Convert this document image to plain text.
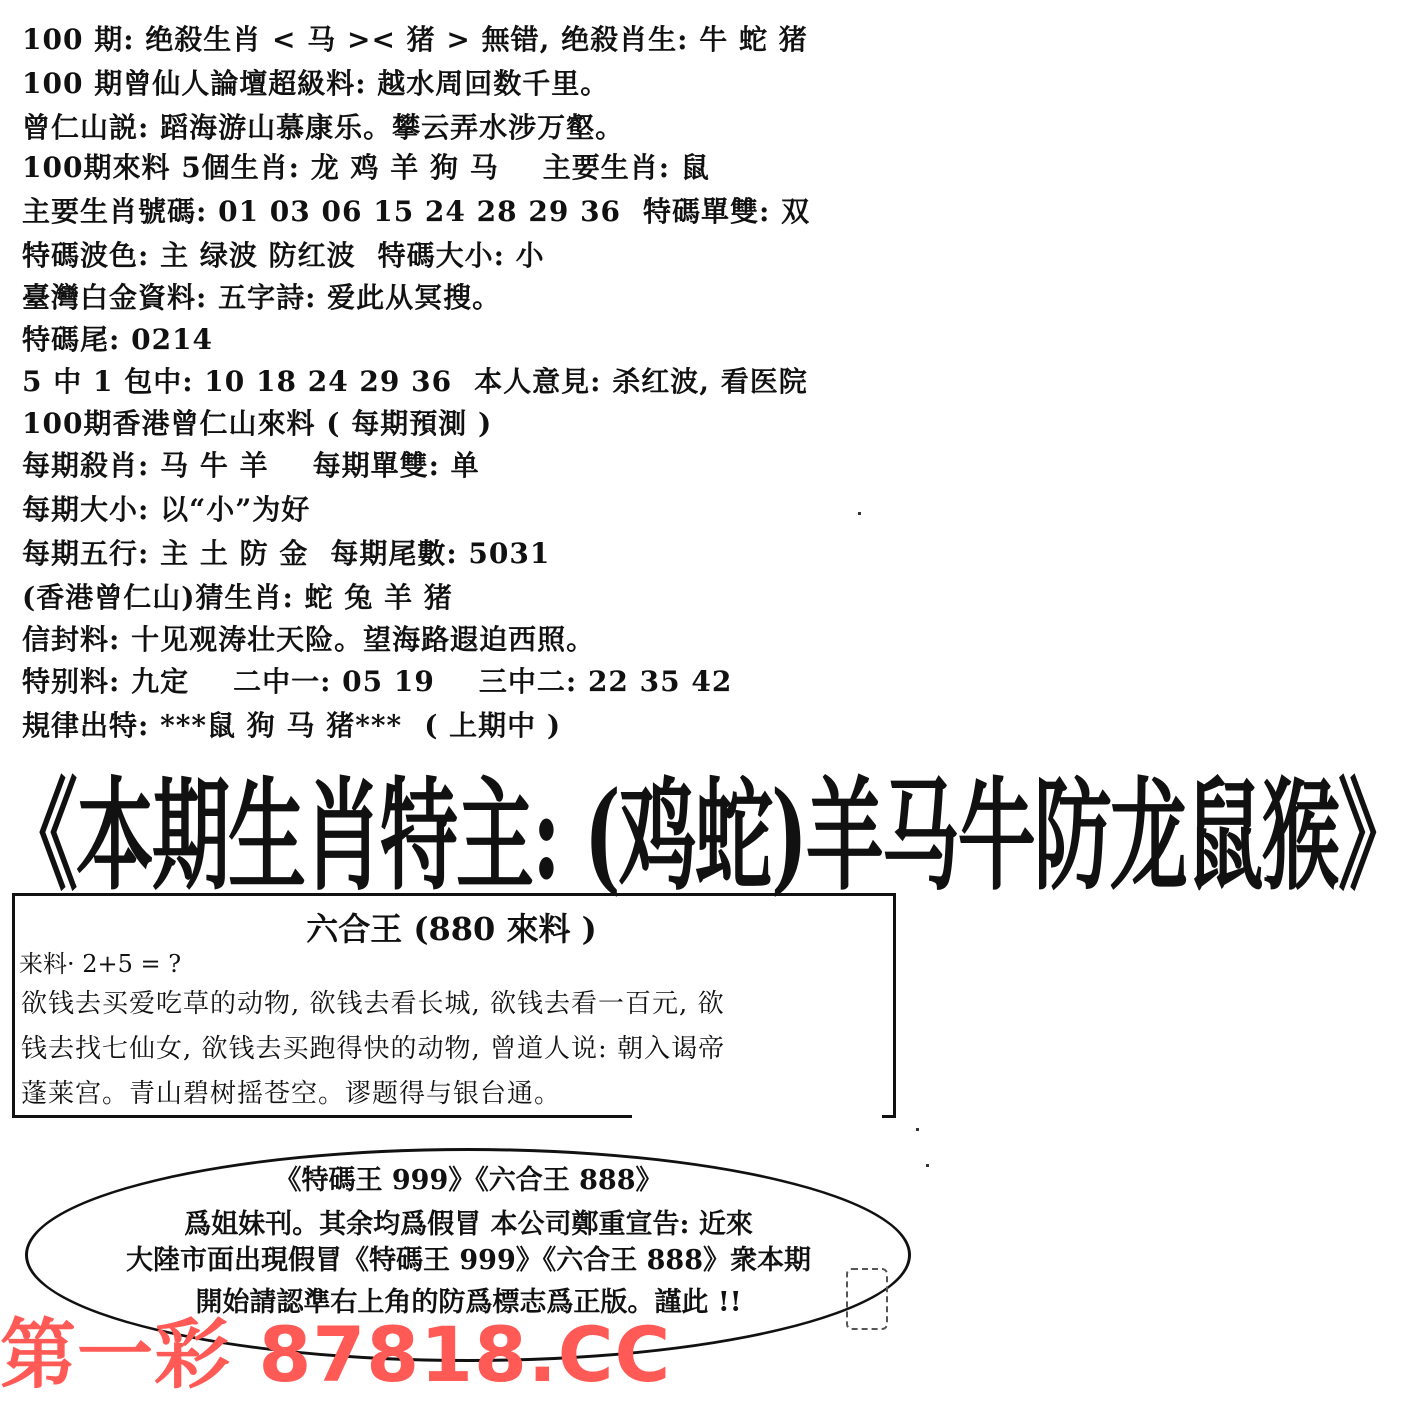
100 期: 绝殺生肖 < 马 >< 猪 > 無错, 绝殺肖生: 牛 蛇 猪
100 期曾仙人論壇超級料: 越水周回数千里。
曾仁山説: 蹈海游山慕康乐。攀云弄水涉万壑。
100期來料 5個生肖: 龙 鸡 羊 狗 马 主要生肖: 鼠
主要生肖號碼: 01 03 06 15 24 28 29 36 特碼單雙: 双
特碼波色: 主 绿波 防红波 特碼大小: 小
臺灣白金資料: 五字詩: 爱此从冥搜。
特碼尾: 0214
5 中 1 包中: 10 18 24 29 36 本人意見: 杀红波, 看医院
100期香港曾仁山來料 ( 每期預測 )
每期殺肖: 马 牛 羊 每期單雙: 单
每期大小: 以“小”为好
每期五行: 主 土 防 金 每期尾數: 5031
(香港曾仁山)猜生肖: 蛇 兔 羊 猪
信封料: 十见观涛壮天险。望海路遐迫西照。
特别料: 九定 二中一: 05 19 三中二: 22 35 42
規律出特: ***鼠 狗 马 猪*** ( 上期中 )
《本期生肖特主: (鸡蛇)羊马牛防龙鼠猴》
六合王 (880 來料 )
来料· 2+5 = ?
欲钱去买爱吃草的动物, 欲钱去看长城, 欲钱去看一百元, 欲
钱去找七仙女, 欲钱去买跑得快的动物, 曾道人说: 朝入谒帝
蓬莱宫。青山碧树摇苍空。谬题得与银台通。
《特碼王 999》《六合王 888》
爲姐妹刊。其余均爲假冒 本公司鄭重宣告: 近來
大陸市面出現假冒《特碼王 999》《六合王 888》衆本期
開始請認準右上角的防爲標志爲正版。謹此 !!
第一彩 87818.CC
